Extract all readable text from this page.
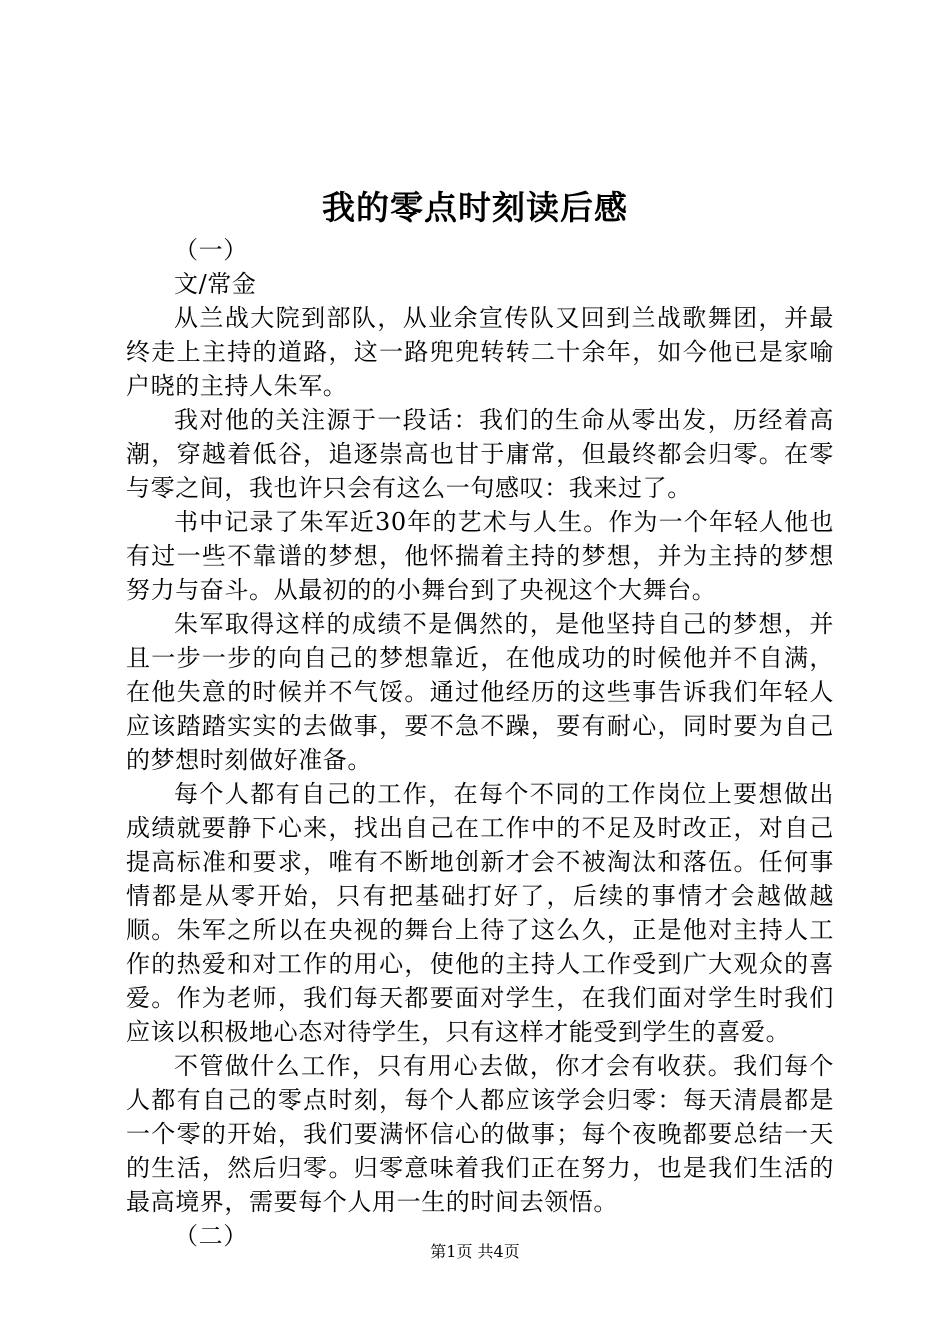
我的零点时刻读后感

（一）

文/常金

从兰战大院到部队，从业余宣传队又回到兰战歌舞团，并最终走上主持的道路，这一路兜兜转转二十余年，如今他已是家喻户晓的主持人朱军。

我对他的关注源于一段话：我们的生命从零出发，历经着高潮，穿越着低谷，追逐崇高也甘于庸常，但最终都会归零。在零与零之间，我也许只会有这么一句感叹：我来过了。

书中记录了朱军近30年的艺术与人生。作为一个年轻人他也有过一些不靠谱的梦想，他怀揣着主持的梦想，并为主持的梦想努力与奋斗。从最初的的小舞台到了央视这个大舞台。

朱军取得这样的成绩不是偶然的，是他坚持自己的梦想，并且一步一步的向自己的梦想靠近，在他成功的时候他并不自满，在他失意的时候并不气馁。通过他经历的这些事告诉我们年轻人应该踏踏实实的去做事，要不急不躁，要有耐心，同时要为自己的梦想时刻做好准备。

每个人都有自己的工作，在每个不同的工作岗位上要想做出成绩就要静下心来，找出自己在工作中的不足及时改正，对自己提高标准和要求，唯有不断地创新才会不被淘汰和落伍。任何事情都是从零开始，只有把基础打好了，后续的事情才会越做越顺。朱军之所以在央视的舞台上待了这么久，正是他对主持人工作的热爱和对工作的用心，使他的主持人工作受到广大观众的喜爱。作为老师，我们每天都要面对学生，在我们面对学生时我们应该以积极地心态对待学生，只有这样才能受到学生的喜爱。

不管做什么工作，只有用心去做，你才会有收获。我们每个人都有自己的零点时刻，每个人都应该学会归零：每天清晨都是一个零的开始，我们要满怀信心的做事；每个夜晚都要总结一天的生活，然后归零。归零意味着我们正在努力，也是我们生活的最高境界，需要每个人用一生的时间去领悟。

（二）

第1页 共4页
